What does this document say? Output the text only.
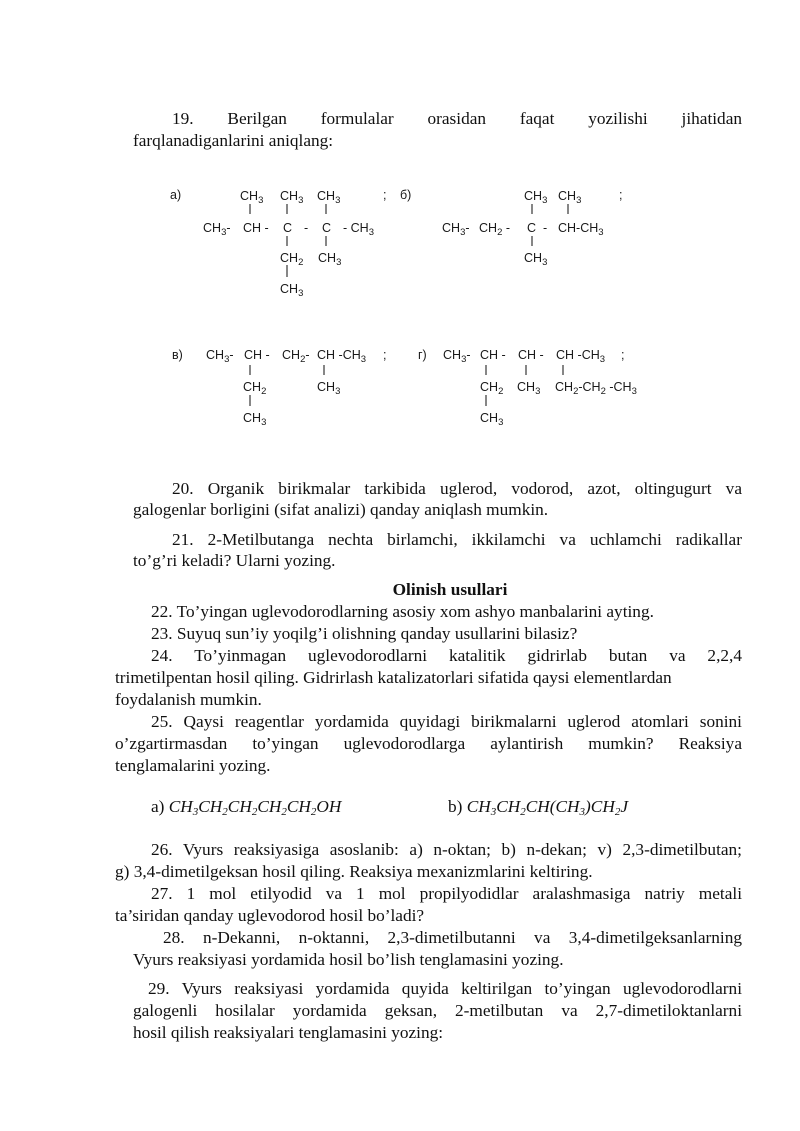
19. Berilgan formulalar orasidan faqat yozilishi jihatidan
farqlanadiganlarini aniqlang:
a)	;
CH3 CH3 CH3
CH3- CH - C - C - CH3
CH2 CH3
CH3
б)	;
CH3 CH3
CH3- CH2 - C - CH-CH3
CH3
в)	;
CH3- CH - CH2- CH -CH3
CH2	CH3
CH3
г)	;
CH3- CH - CH - CH -CH3
CH2 CH3 CH2-CH2 -CH3
CH3
20. Organik birikmalar tarkibida uglerod, vodorod, azot, oltingugurt va
galogenlar borligini (sifat analizi) qanday aniqlash mumkin.
21. 2-Metilbutanga nechta birlamchi, ikkilamchi va uchlamchi radikallar
to’g’ri keladi? Ularni yozing.
Olinish usullari
22. To’yingan uglevodorodlarning asosiy xom ashyo manbalarini ayting.
23. Suyuq sun’iy yoqilg’i olishning qanday usullarini bilasiz?
24. To’yinmagan uglevodorodlarni katalitik gidrirlab butan va 2,2,4
trimetilpentan hosil qiling. Gidrirlash katalizatorlari sifatida qaysi elementlardan
foydalanish mumkin.
25. Qaysi reagentlar yordamida quyidagi birikmalarni uglerod atomlari sonini
o’zgartirmasdan to’yingan uglevodorodlarga aylantirish mumkin? Reaksiya
tenglamalarini yozing.
a) $CH_3CH_2CH_2CH_2CH_2OH$	b) $CH_3CH_2CH(CH_3)CH_2J$
26. Vyurs reaksiyasiga asoslanib: a) n-oktan; b) n-dekan; v) 2,3-dimetilbutan;
g) 3,4-dimetilgeksan hosil qiling. Reaksiya mexanizmlarini keltiring.
27. 1 mol etilyodid va 1 mol propilyodidlar aralashmasiga natriy metali
ta’siridan qanday uglevodorod hosil bo’ladi?
28. n-Dekanni, n-oktanni, 2,3-dimetilbutanni va 3,4-dimetilgeksanlarning
Vyurs reaksiyasi yordamida hosil bo’lish tenglamasini yozing.
29. Vyurs reaksiyasi yordamida quyida keltirilgan to’yingan uglevodorodlarni
galogenli hosilalar yordamida geksan, 2-metilbutan va 2,7-dimetiloktanlarni
hosil qilish reaksiyalari tenglamasini yozing:
